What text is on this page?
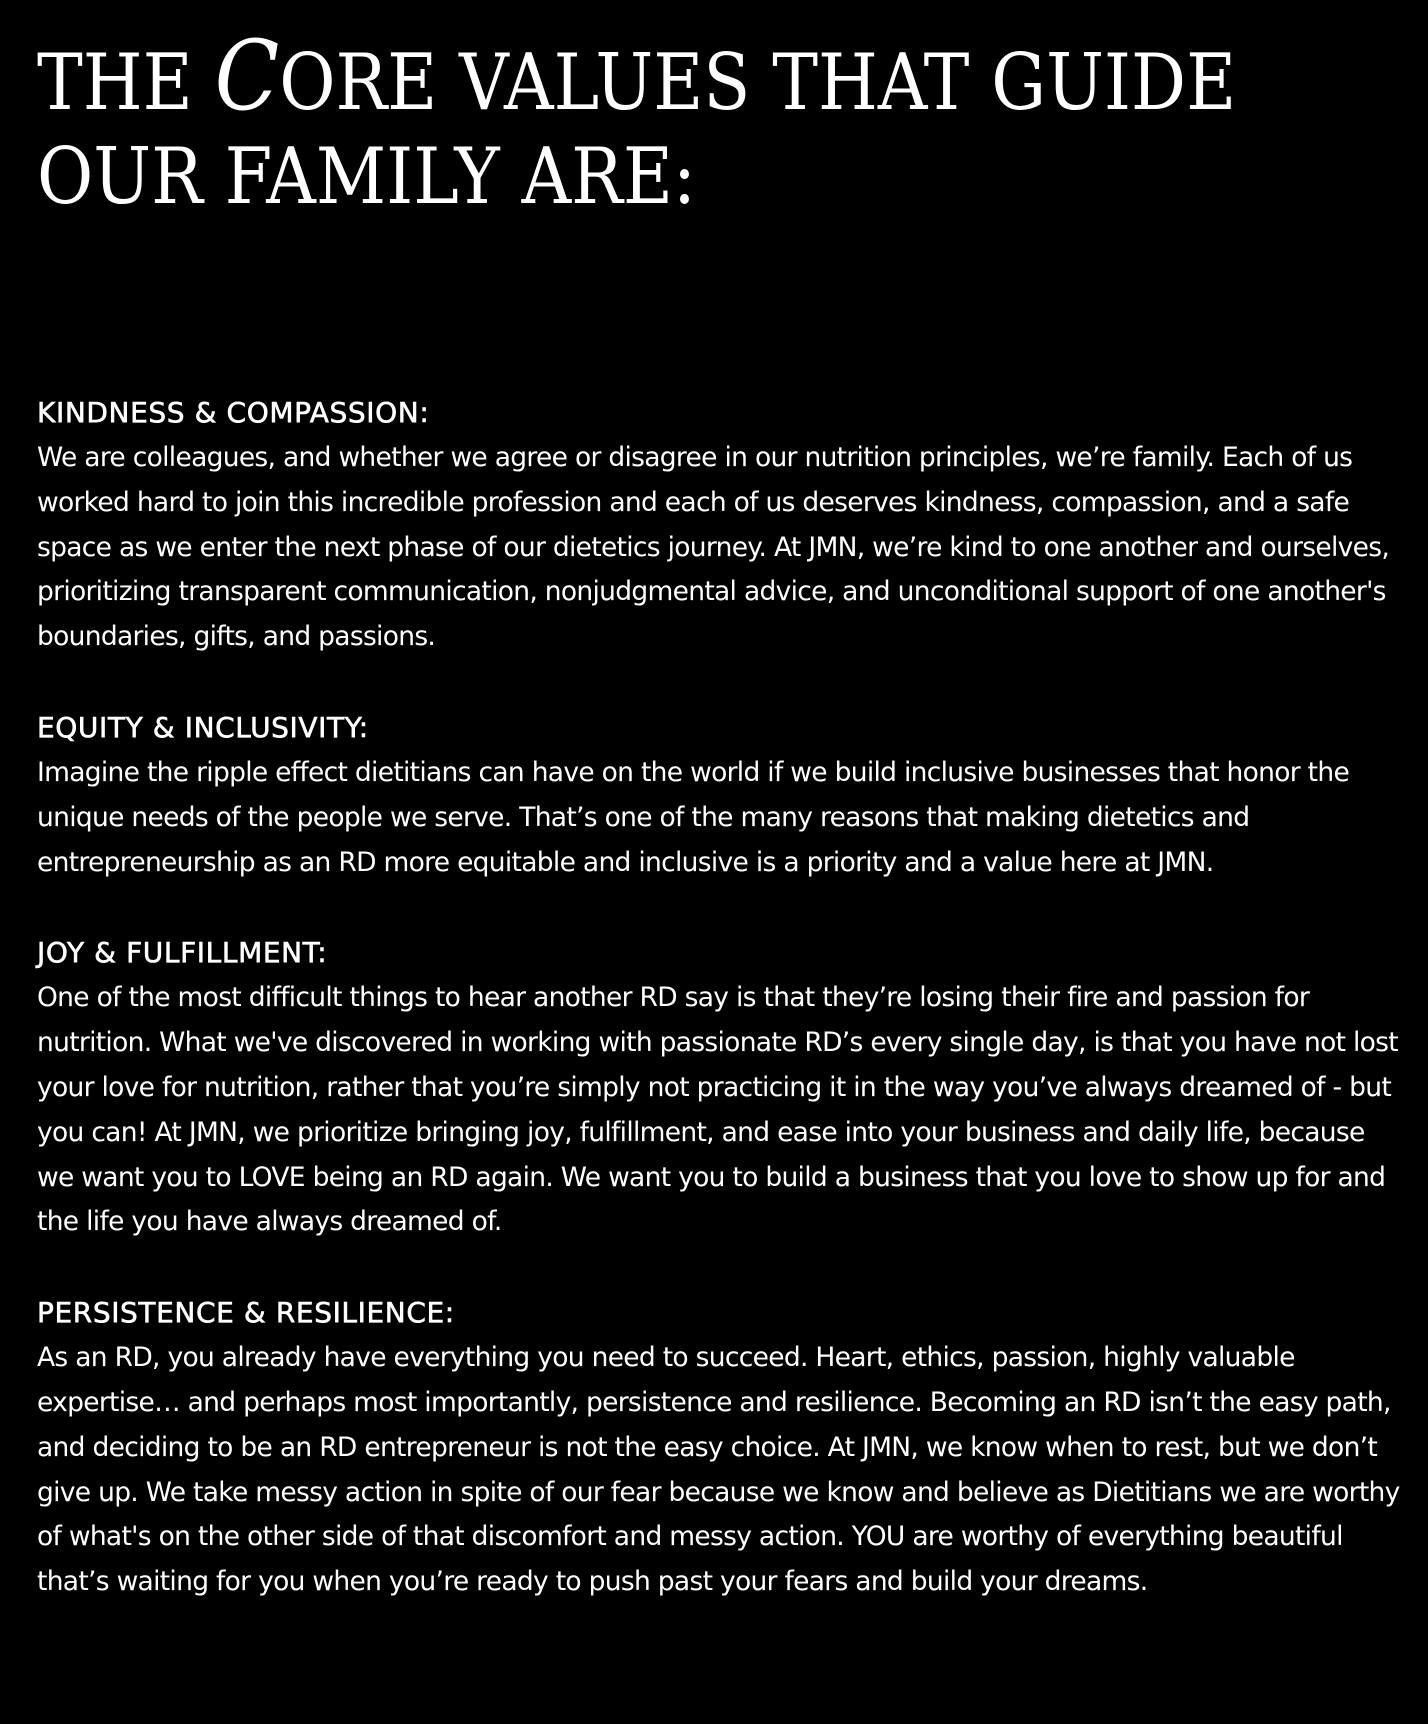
THE CORE VALUES THAT GUIDE
OUR FAMILY ARE:
KINDNESS & COMPASSION:

We are colleagues, and whether we agree or disagree in our nutrition principles, we’re family. Each of us worked hard to join this incredible profession and each of us deserves kindness, compassion, and a safe space as we enter the next phase of our dietetics journey. At JMN, we’re kind to one another and ourselves, prioritizing transparent communication, nonjudgmental advice, and unconditional support of one another's boundaries, gifts, and passions.

EQUITY & INCLUSIVITY:

Imagine the ripple effect dietitians can have on the world if we build inclusive businesses that honor the unique needs of the people we serve. That’s one of the many reasons that making dietetics and entrepreneurship as an RD more equitable and inclusive is a priority and a value here at JMN.

JOY & FULFILLMENT:

One of the most difficult things to hear another RD say is that they’re losing their fire and passion for nutrition. What we've discovered in working with passionate RD’s every single day, is that you have not lost your love for nutrition, rather that you’re simply not practicing it in the way you’ve always dreamed of - but you can! At JMN, we prioritize bringing joy, fulfillment, and ease into your business and daily life, because we want you to LOVE being an RD again. We want you to build a business that you love to show up for and the life you have always dreamed of.

PERSISTENCE & RESILIENCE:

As an RD, you already have everything you need to succeed. Heart, ethics, passion, highly valuable expertise… and perhaps most importantly, persistence and resilience. Becoming an RD isn’t the easy path, and deciding to be an RD entrepreneur is not the easy choice. At JMN, we know when to rest, but we don’t give up. We take messy action in spite of our fear because we know and believe as Dietitians we are worthy of what's on the other side of that discomfort and messy action. YOU are worthy of everything beautiful that’s waiting for you when you’re ready to push past your fears and build your dreams.
